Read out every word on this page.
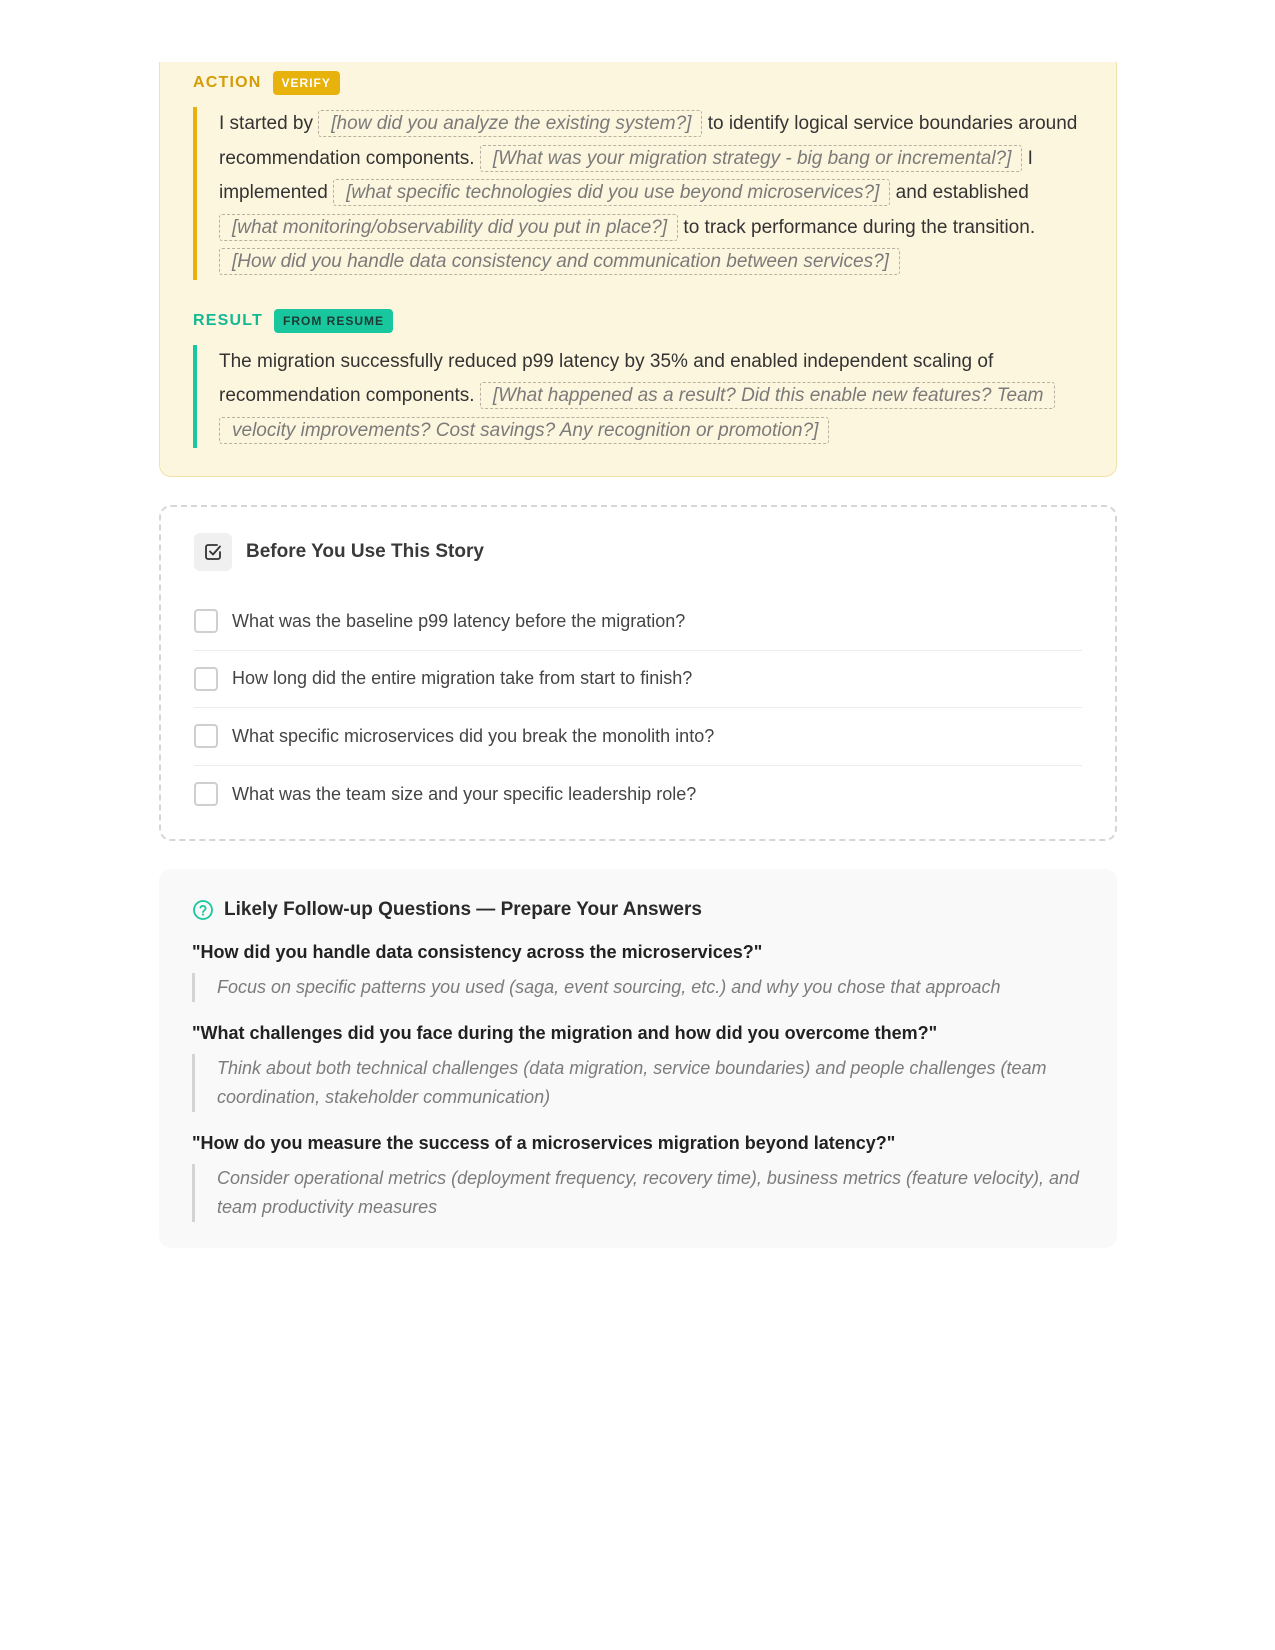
ACTION	VERIFY
I started by [how did you analyze the existing system?] to identify logical service boundaries around recommendation components. [What was your migration strategy - big bang or incremental?] I implemented [what specific technologies did you use beyond microservices?] and established [what monitoring/observability did you put in place?] to track performance during the transition. [How did you handle data consistency and communication between services?]
RESULT	FROM RESUME
The migration successfully reduced p99 latency by 35% and enabled independent scaling of recommendation components. [What happened as a result? Did this enable new features? Team velocity improvements? Cost savings? Any recognition or promotion?]
Before You Use This Story
What was the baseline p99 latency before the migration?
How long did the entire migration take from start to finish?
What specific microservices did you break the monolith into?
What was the team size and your specific leadership role?
Likely Follow-up Questions — Prepare Your Answers
"How did you handle data consistency across the microservices?"
Focus on specific patterns you used (saga, event sourcing, etc.) and why you chose that approach
"What challenges did you face during the migration and how did you overcome them?"
Think about both technical challenges (data migration, service boundaries) and people challenges (team coordination, stakeholder communication)
"How do you measure the success of a microservices migration beyond latency?"
Consider operational metrics (deployment frequency, recovery time), business metrics (feature velocity), and team productivity measures
